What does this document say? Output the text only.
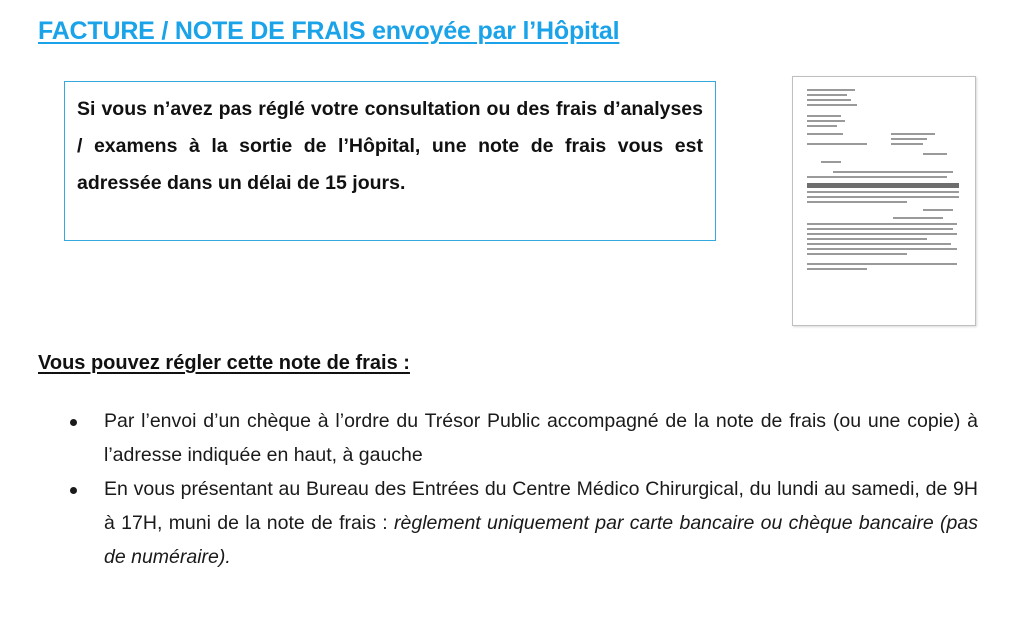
FACTURE / NOTE DE FRAIS envoyée par l’Hôpital

Si vous n’avez pas réglé votre consultation ou des frais d’analyses / examens à la sortie de l’Hôpital, une note de frais vous est adressée dans un délai de 15 jours.

Vous pouvez régler cette note de frais :
Par l’envoi d’un chèque à l’ordre du Trésor Public accompagné de la note de frais (ou une copie) à l’adresse indiquée en haut, à gauche
En vous présentant au Bureau des Entrées du Centre Médico Chirurgical, du lundi au samedi, de 9H à 17H, muni de la note de frais : règlement uniquement par carte bancaire ou chèque bancaire (pas de numéraire).
